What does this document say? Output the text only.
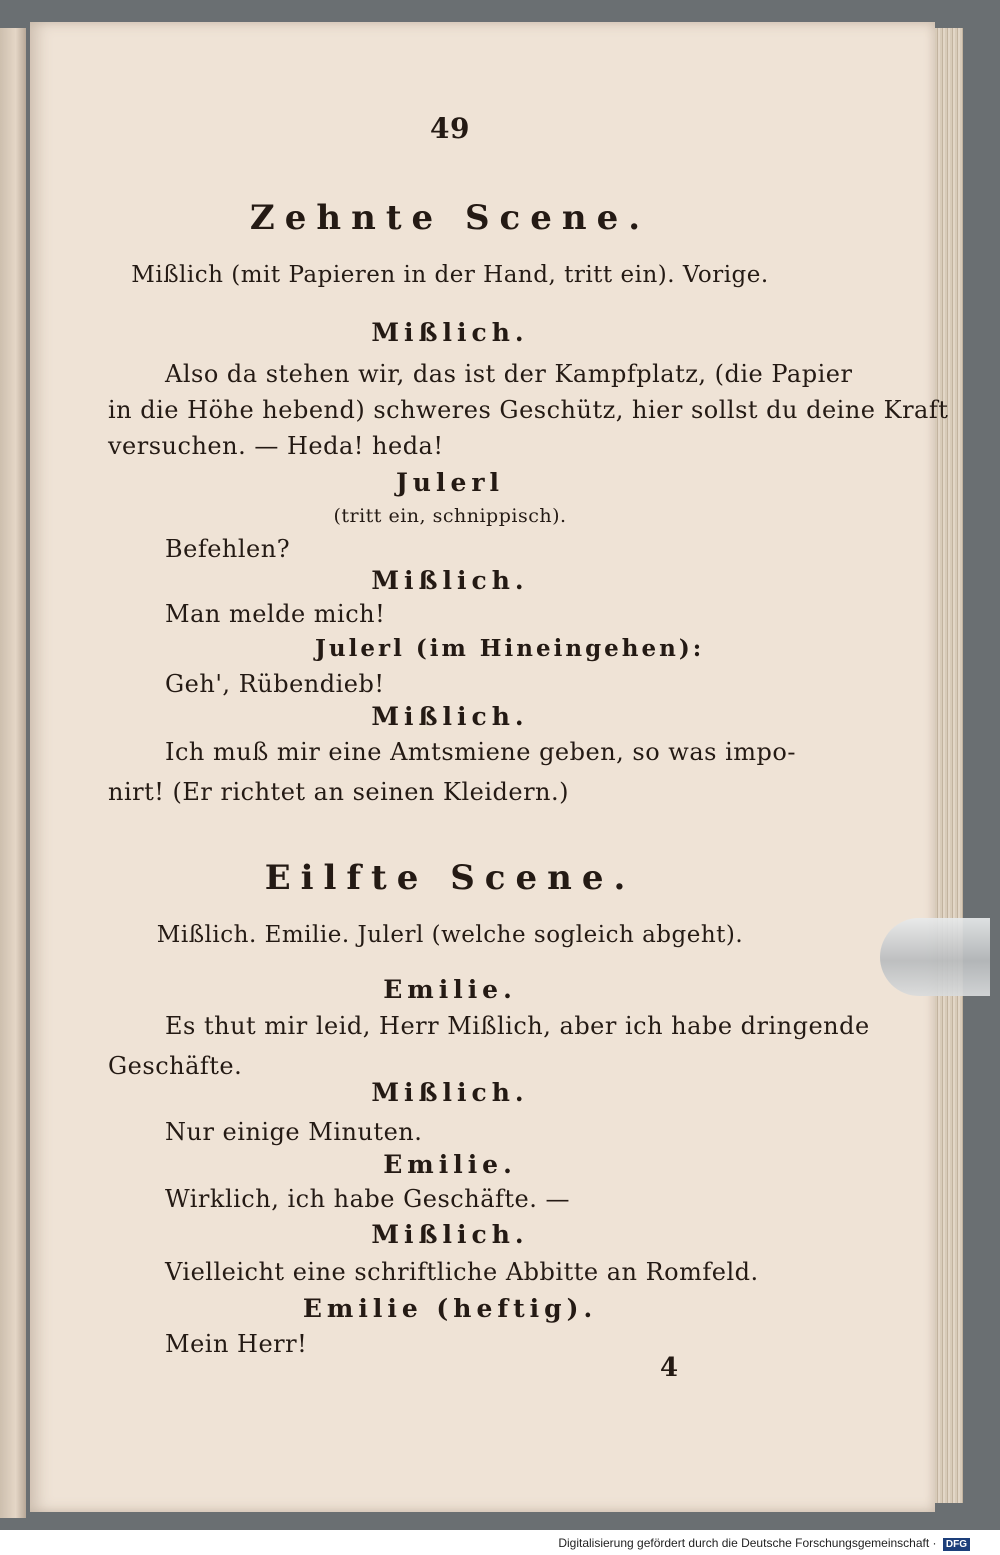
49

Zehnte Scene.

Mißlich (mit Papieren in der Hand, tritt ein). Vorige.

Mißlich.

Also da stehen wir, das ist der Kampfplatz, (die Papier

in die Höhe hebend) schweres Geschütz, hier sollst du deine Kraft

versuchen. — Heda! heda!

Julerl

(tritt ein, schnippisch).

Befehlen?

Mißlich.

Man melde mich!

Julerl (im Hineingehen):

Geh', Rübendieb!

Mißlich.

Ich muß mir eine Amtsmiene geben, so was impo-

nirt! (Er richtet an seinen Kleidern.)

Eilfte Scene.

Mißlich. Emilie. Julerl (welche sogleich abgeht).

Emilie.

Es thut mir leid, Herr Mißlich, aber ich habe dringende

Geschäfte.

Mißlich.

Nur einige Minuten.

Emilie.

Wirklich, ich habe Geschäfte. —

Mißlich.

Vielleicht eine schriftliche Abbitte an Romfeld.

Emilie (heftig).

Mein Herr!

4

Digitalisierung gefördert durch die Deutsche Forschungsgemeinschaft · DFG
